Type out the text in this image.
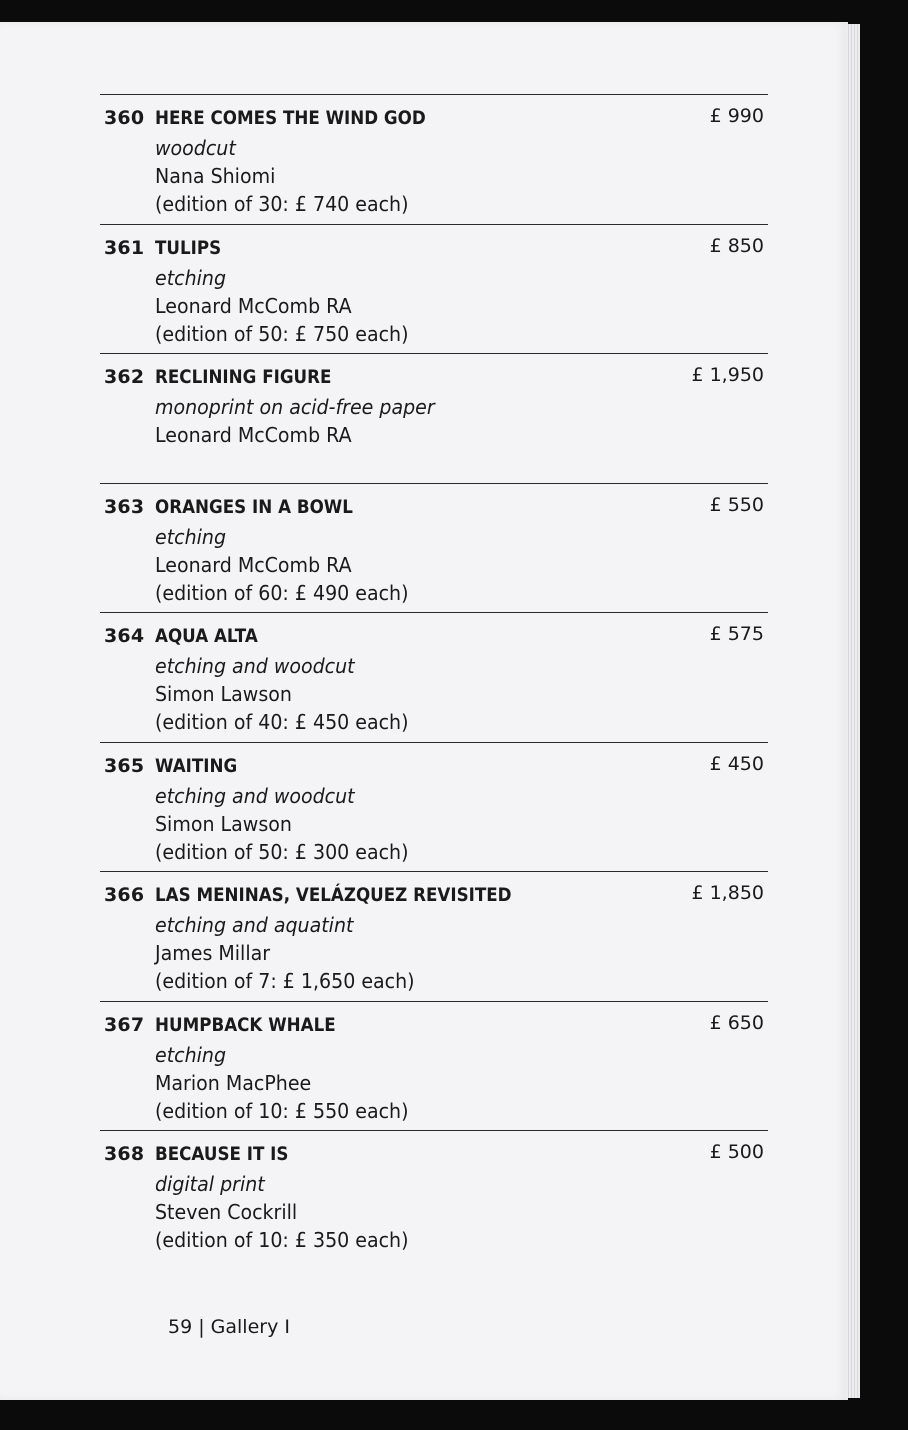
360 HERE COMES THE WIND GOD	£ 990
woodcut
Nana Shiomi
(edition of 30: £ 740 each)
361 TULIPS	£ 850
etching
Leonard McComb RA
(edition of 50: £ 750 each)
362 RECLINING FIGURE	£ 1,950
monoprint on acid-free paper
Leonard McComb RA
363 ORANGES IN A BOWL	£ 550
etching
Leonard McComb RA
(edition of 60: £ 490 each)
364 AQUA ALTA	£ 575
etching and woodcut
Simon Lawson
(edition of 40: £ 450 each)
365 WAITING	£ 450
etching and woodcut
Simon Lawson
(edition of 50: £ 300 each)
366 LAS MENINAS, VELÁZQUEZ REVISITED	£ 1,850
etching and aquatint
James Millar
(edition of 7: £ 1,650 each)
367 HUMPBACK WHALE	£ 650
etching
Marion MacPhee
(edition of 10: £ 550 each)
368 BECAUSE IT IS	£ 500
digital print
Steven Cockrill
(edition of 10: £ 350 each)
59 | Gallery I
